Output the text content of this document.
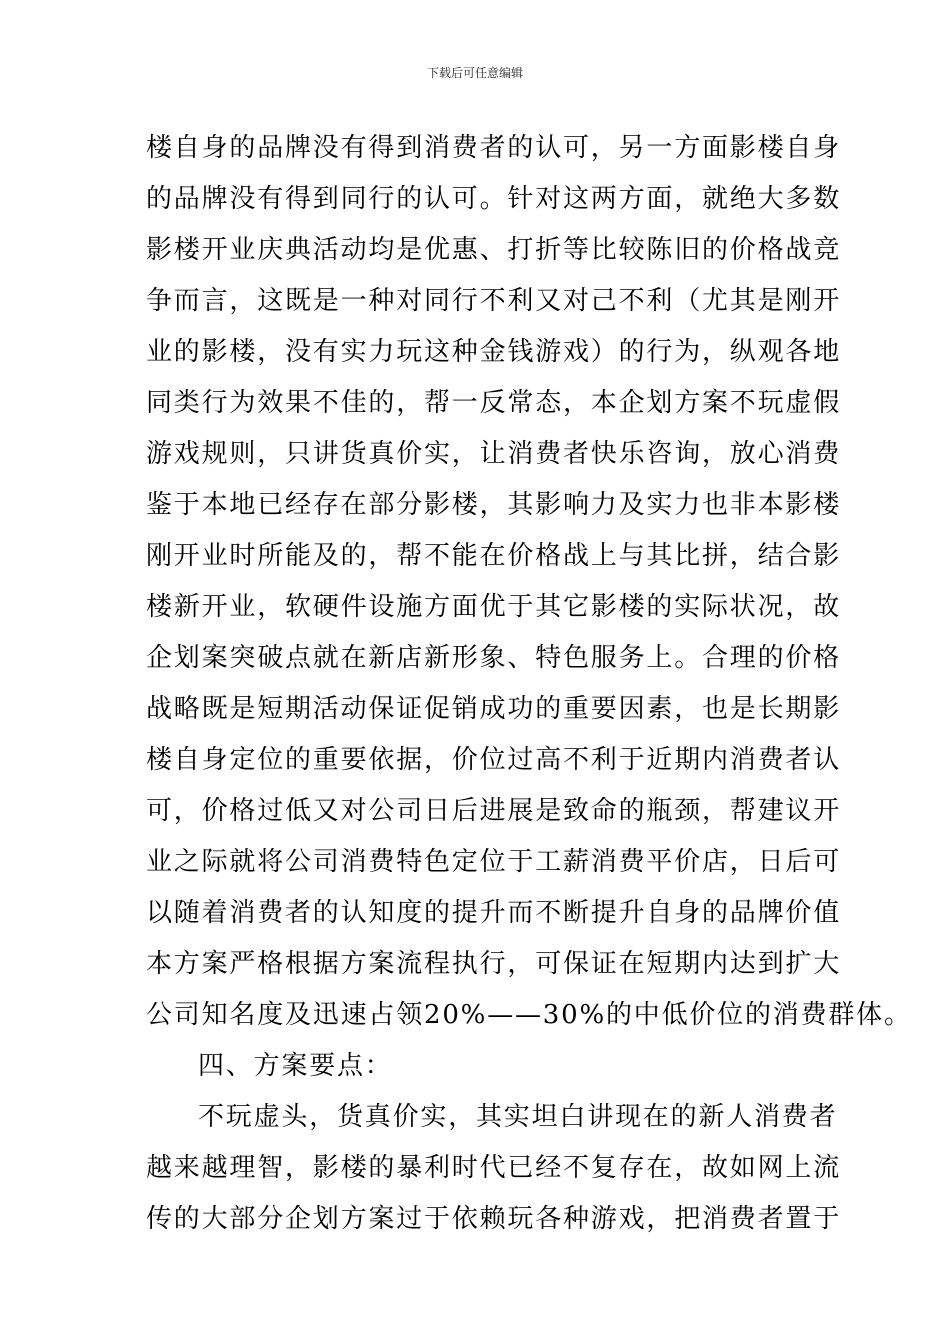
下载后可任意编辑
楼自身的品牌没有得到消费者的认可，另一方面影楼自身
的品牌没有得到同行的认可。针对这两方面，就绝大多数
影楼开业庆典活动均是优惠、打折等比较陈旧的价格战竞
争而言，这既是一种对同行不利又对己不利（尤其是刚开
业的影楼，没有实力玩这种金钱游戏）的行为，纵观各地
同类行为效果不佳的，帮一反常态，本企划方案不玩虚假
游戏规则，只讲货真价实，让消费者快乐咨询，放心消费
鉴于本地已经存在部分影楼，其影响力及实力也非本影楼
刚开业时所能及的，帮不能在价格战上与其比拼，结合影
楼新开业，软硬件设施方面优于其它影楼的实际状况，故
企划案突破点就在新店新形象、特色服务上。合理的价格
战略既是短期活动保证促销成功的重要因素，也是长期影
楼自身定位的重要依据，价位过高不利于近期内消费者认
可，价格过低又对公司日后进展是致命的瓶颈，帮建议开
业之际就将公司消费特色定位于工薪消费平价店，日后可
以随着消费者的认知度的提升而不断提升自身的品牌价值
本方案严格根据方案流程执行，可保证在短期内达到扩大
公司知名度及迅速占领20%——30%的中低价位的消费群体。
四、方案要点：
不玩虚头，货真价实，其实坦白讲现在的新人消费者
越来越理智，影楼的暴利时代已经不复存在，故如网上流
传的大部分企划方案过于依赖玩各种游戏，把消费者置于
